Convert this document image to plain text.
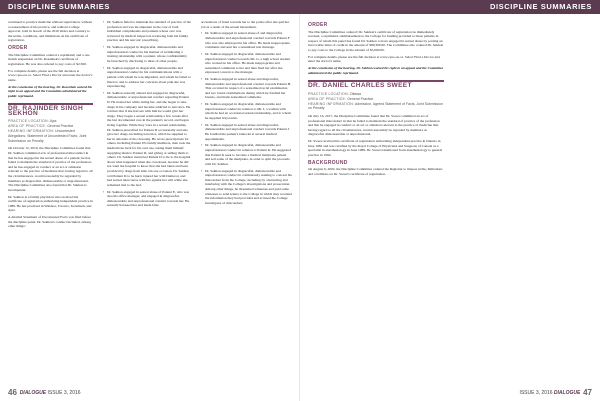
DISCIPLINE SUMMARIES

continued to practice medicine without supervision, without a reassessment of his practice, and without College approval, both in breach of the 2010 Order and contrary to the terms, conditions, and limitations on his certificate of registration.

ORDER

The Discipline Committee ordered a reprimand; and a one month suspension on Dr. Rosenhek's certificate of registration. He was also ordered to pay costs of $2,500.

For complete details, please see the full decision at www.cpso.on.ca. Select Find a Doctor and enter the doctor's name.

At the conclusion of the hearing, Dr. Rosenhek waived his right to an appeal and the Committee administered the public reprimand.

DR. RAJINDER SINGH SEKHON
PRACTICE LOCATION: Ajax
AREA OF PRACTICE: General Practice
HEARING INFORMATION: Uncontested Allegations; Statement of Uncontested Facts; Joint Submission on Penalty

On October 12, 2016, the Discipline Committee found that Dr. Sekhon committed acts of professional misconduct in that he has engaged in the sexual abuse of a patient; he has failed to maintain the standard of practice of the profession; and he has engaged in conduct or an act or omission relevant to the practice of medicine that, having regard to all the circumstances, would reasonably be regarded by members as disgraceful, dishonourable or unprofessional. The Discipline Committee also found that Dr. Sekhon is incompetent.

Dr. Sekhon is a family physician who received his certificate of registration authorizing independent practice in 1989. He has practised in Windsor, Toronto, Tecumseh, and Ajax.

A detailed Statement of Uncontested Facts was filed before the discipline panel. Dr. Sekhon's conduct included, among other things:

• Dr. Sekhon failed to maintain the standard of practice of the profession and was incompetent in the care of both individual complainants and patients whose care was reviewed by medical inspectors reviewing both his family practice and his narcotic prescribing.
• Dr. Sekhon engaged in disgraceful, dishonourable and unprofessional conduct in his manner of terminating a trusting relationship with a patient, whose confidentiality he breached by disclosing to three of other people.
• Dr. Sekhon engaged in disgraceful, dishonourable and unprofessional conduct in his communications with a patient with whom he was impatient, and whom he failed to listen to and to address her concerns about pain she was experiencing.
• Dr. Sekhon sexually abused and engaged in disgraceful, dishonourable or unprofessional conduct regarding Patient D. He treated her while dating her, and she began to take drugs in his company and became addicted to narcotics. He told her that if she had sex with him he would give her drugs. They began a sexual relationship a few weeks after the last documented care in the patient's record, and began living together. While they were in a sexual relationship, Dr. Sekhon prescribed for Patient D occasionally and also gave her drugs, including narcotics, which he supplied to her in amounts of his choosing. He wrote prescriptions for others, including Patient D's family members, then took the medications back for his own use, taking them himself, supplying them to Patient D, and giving or selling them to others. Dr. Sekhon instructed Patient D to lie to the hospital about what happened when she overdosed, because he did not want the hospital to know that she had taken and been provided by drugs from him. On one occasion, Dr. Sekhon told Patient D to be hard, injured her with Demerol, and had sexual intercourse with her against her will while she remained tied to the bed.
• Dr. Sekhon engaged in sexual abuse of Patient E, who was also his office manager, and engaged in disgraceful, dishonourable and unprofessional conduct towards her. He sexually harassed her and made false

accusations of fraud towards her to the police after she quit her job as a result of the sexual harassment.

• Dr. Sekhon engaged in sexual abuse of and disgraceful, dishonourable and unprofessional conduct towards Patient F who was also employed in his office. He made inappropriate comments and sent her a sexualized text message.
• Dr. Sekhon engaged in disgraceful, dishonourable and unprofessional conduct towards Mr. G, a high school student who worked in his office. He made inappropriate and sexualized comments to her and then fired her after she expressed concern to the manager.
• Dr. Sekhon engaged in sexual abuse and disgraceful, dishonourable and unprofessional conduct towards Patient H. This occurred in respect of a sexualized rectal examination and two breast examinations during which he fondled her breasts, and made sexualized comments.
• Dr. Sekhon engaged in disgraceful, dishonourable and unprofessional conduct in relation to Mr. I, a woman with whom he had an occasional sexual relationship, and to whom he supplied Oxycontin.
• Dr. Sekhon engaged in sexual abuse and disgraceful, dishonourable and unprofessional conduct towards Patient J. He fondled the patient's buttocks at several medical appointments.
• Dr. Sekhon engaged in disgraceful, dishonourable and unprofessional conduct in relation to Patient K. He suggested that Patient K seek to become a medical marijuana patient and sell some of the marijuana, in order to split the proceeds with Dr. Sekhon.
• Dr. Sekhon engaged in disgraceful, dishonourable and unprofessional conduct in continuously seeking to conceal his misconduct from the College, including by obstructing and interfering with the College's investigations and prosecution. Among other things, he threatened witnesses and paid some witnesses to send letters to the College in which they recanted the information they had provided and accused the College investigator of misconduct.
46 DIALOGUE ISSUE 3, 2016
DISCIPLINE SUMMARIES
ORDER

The Discipline Committee ordered: Dr. Sekhon's certificate of registration be immediately revoked, a reprimand, reimbursement to the College for funding provided to those patients in respect of whom this panel has found Dr. Sekhon to have engaged in sexual abuse by posting an irrevocable letter of credit in the amount of $80,300.00. The Committee also ordered Dr. Sekhon to pay costs to the College in the amount of $5,000.00.

For complete details, please see the full decision at www.cpso.on.ca. Select Find a Doctor and enter the doctor's name.

At the conclusion of the hearing, Dr. Sekhon waived his right to an appeal and the Committee administered the public reprimand.

DR. DANIEL CHARLES SWEET
PRACTICE LOCATION: Ottawa
AREA OF PRACTICE: General Practice
HEARING INFORMATION: Admission, Agreed Statement of Facts, Joint Submission on Penalty

On July 16, 2017, the Discipline Committee found that Dr. Sweet committed an act of professional misconduct in that he failed to maintain the standard of practice of the profession and that he engaged in conduct or an act or omission relevant to the practice of medicine that, having regard to all the circumstances, would reasonably be regarded by members as disgraceful, dishonourable or unprofessional.

Dr. Sweet received his certificate of registration authorizing independent practice in Ontario in June 1982 and was certified by the Royal College of Physicians and Surgeons of Canada as a specialist in anesthesiology in June 1989. Dr. Sweet transitioned from anesthesiology to general practice in 1994.

BACKGROUND

On August 6, 2002, the Discipline Committee ordered the Registrar to impose terms, limitations and conditions on Dr. Sweet's certificate of registration,

ISSUE 3, 2016 DIALOGUE 47
